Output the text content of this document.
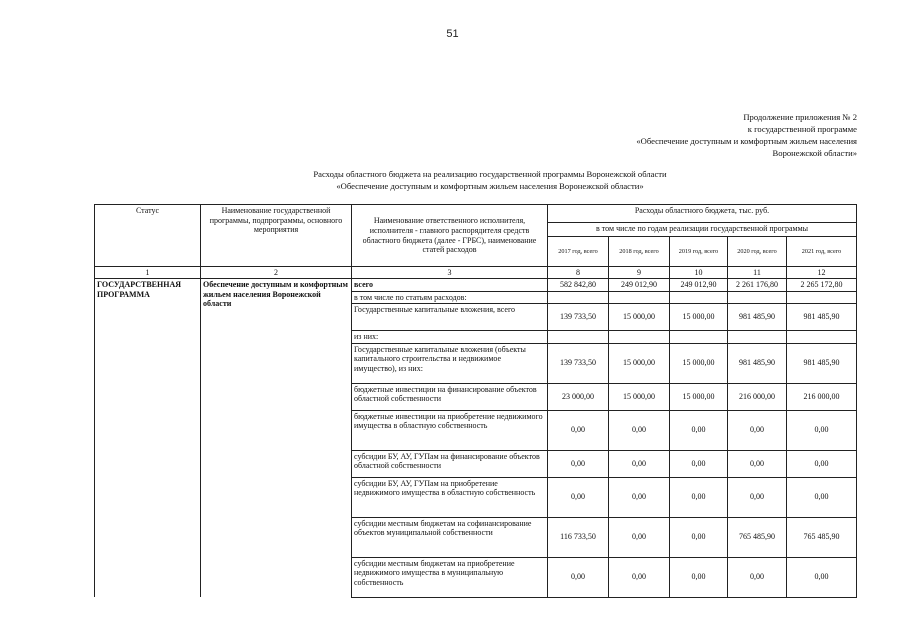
51
Продолжение приложения № 2
к государственной программе
«Обеспечение доступным и комфортным жильем населения
Воронежской области»
Расходы областного бюджета на реализацию государственной программы Воронежской области
«Обеспечение доступным и комфортным жильем населения Воронежской области»
Статус	Наименование государственной программы, подпрограммы, основного мероприятия	Наименование ответственного исполнителя, исполнителя - главного распорядителя средств областного бюджета (далее - ГРБС), наименование статей расходов	Расходы областного бюджета, тыс. руб.				
			в том числе по годам реализации государственной программы				
			2017 год, всего	2018 год, всего	2019 год, всего	2020 год, всего	2021 год, всего
1	2	3	8	9	10	11	12
ГОСУДАРСТВЕННАЯ ПРОГРАММА	Обеспечение доступным и комфортным жильем населения Воронежской области	всего	582 842,80	249 012,90	249 012,90	2 261 176,80	2 265 172,80
		в том числе по статьям расходов:					
		Государственные капитальные вложения, всего	139 733,50	15 000,00	15 000,00	981 485,90	981 485,90
		из них:					
		Государственные капитальные вложения (объекты капитального строительства и недвижимое имущество), из них:	139 733,50	15 000,00	15 000,00	981 485,90	981 485,90
		бюджетные инвестиции на финансирование объектов областной собственности	23 000,00	15 000,00	15 000,00	216 000,00	216 000,00
		бюджетные инвестиции на приобретение недвижимого имущества в областную собственность	0,00	0,00	0,00	0,00	0,00
		субсидии БУ, АУ, ГУПам на финансирование объектов областной собственности	0,00	0,00	0,00	0,00	0,00
		субсидии БУ, АУ, ГУПам на приобретение недвижимого имущества в областную собственность	0,00	0,00	0,00	0,00	0,00
		субсидии местным бюджетам на софинансирование объектов муниципальной собственности	116 733,50	0,00	0,00	765 485,90	765 485,90
		субсидии местным бюджетам на приобретение недвижимого имущества в муниципальную собственность	0,00	0,00	0,00	0,00	0,00
